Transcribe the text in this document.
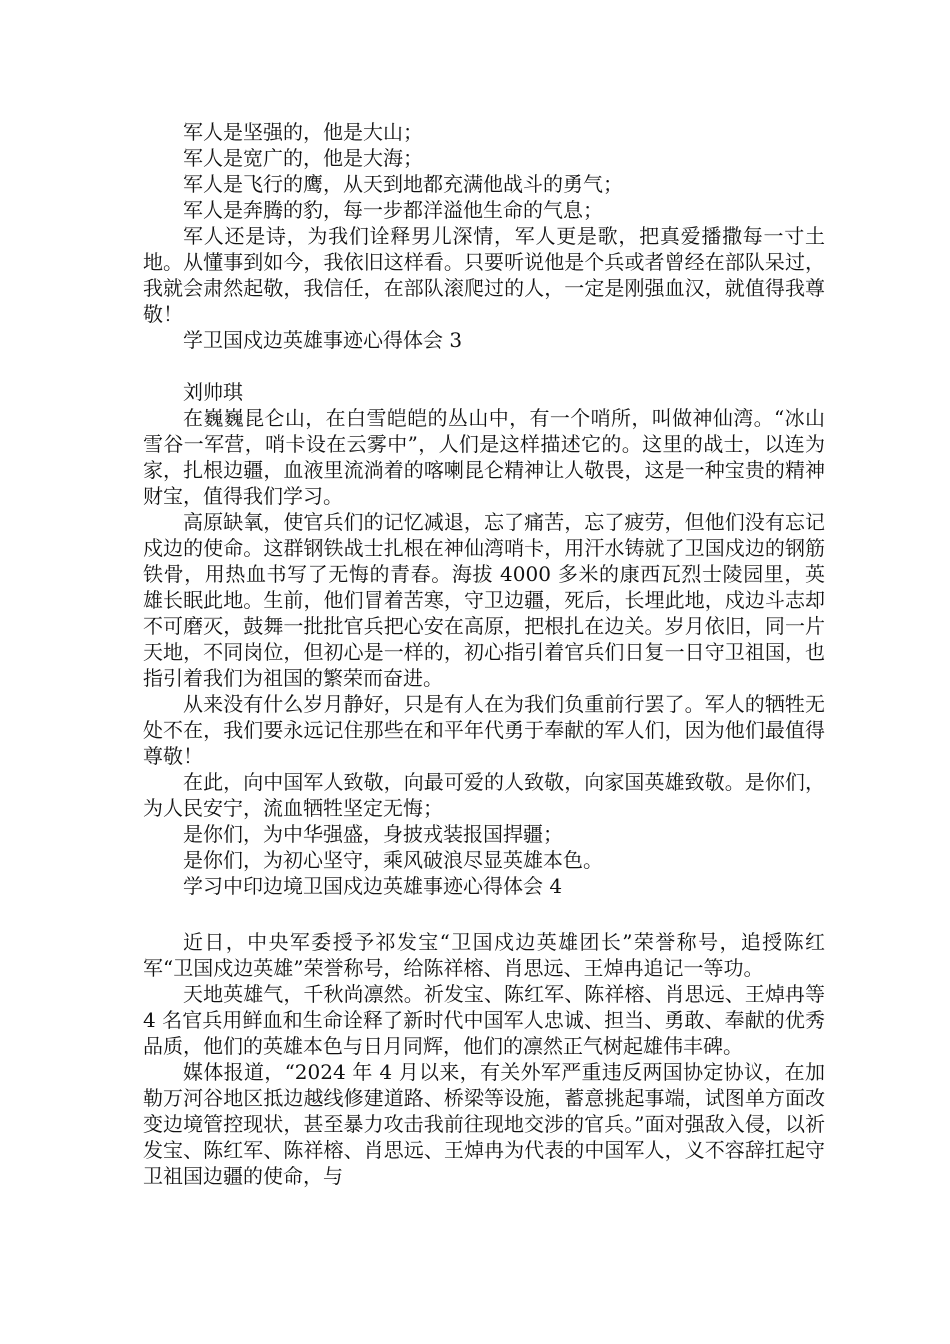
军人是坚强的，他是大山；

军人是宽广的，他是大海；

军人是飞行的鹰，从天到地都充满他战斗的勇气；

军人是奔腾的豹，每一步都洋溢他生命的气息；

军人还是诗，为我们诠释男儿深情，军人更是歌，把真爱播撒每一寸土地。从懂事到如今，我依旧这样看。只要听说他是个兵或者曾经在部队呆过，我就会肃然起敬，我信任，在部队滚爬过的人，一定是刚强血汉，就值得我尊敬！

学卫国戍边英雄事迹心得体会 3

刘帅琪

在巍巍昆仑山，在白雪皑皑的丛山中，有一个哨所，叫做神仙湾。“冰山雪谷一军营，哨卡设在云雾中”，人们是这样描述它的。这里的战士，以连为家，扎根边疆，血液里流淌着的喀喇昆仑精神让人敬畏，这是一种宝贵的精神财宝，值得我们学习。

高原缺氧，使官兵们的记忆减退，忘了痛苦，忘了疲劳，但他们没有忘记戍边的使命。这群钢铁战士扎根在神仙湾哨卡，用汗水铸就了卫国戍边的钢筋铁骨，用热血书写了无悔的青春。海拔 4000 多米的康西瓦烈士陵园里，英雄长眠此地。生前，他们冒着苦寒，守卫边疆，死后，长埋此地，戍边斗志却不可磨灭，鼓舞一批批官兵把心安在高原，把根扎在边关。岁月依旧，同一片天地，不同岗位，但初心是一样的，初心指引着官兵们日复一日守卫祖国，也指引着我们为祖国的繁荣而奋进。

从来没有什么岁月静好，只是有人在为我们负重前行罢了。军人的牺牲无处不在，我们要永远记住那些在和平年代勇于奉献的军人们，因为他们最值得尊敬！

在此，向中国军人致敬，向最可爱的人致敬，向家国英雄致敬。是你们，为人民安宁，流血牺牲坚定无悔；

是你们，为中华强盛，身披戎装报国捍疆；

是你们，为初心坚守，乘风破浪尽显英雄本色。

学习中印边境卫国戍边英雄事迹心得体会 4

近日，中央军委授予祁发宝“卫国戍边英雄团长”荣誉称号，追授陈红军“卫国戍边英雄”荣誉称号，给陈祥榕、肖思远、王焯冉追记一等功。

天地英雄气，千秋尚凛然。祈发宝、陈红军、陈祥榕、肖思远、王焯冉等 4 名官兵用鲜血和生命诠释了新时代中国军人忠诚、担当、勇敢、奉献的优秀品质，他们的英雄本色与日月同辉，他们的凛然正气树起雄伟丰碑。

媒体报道，“2024 年 4 月以来，有关外军严重违反两国协定协议，在加勒万河谷地区抵边越线修建道路、桥梁等设施，蓄意挑起事端，试图单方面改变边境管控现状，甚至暴力攻击我前往现地交涉的官兵。”面对强敌入侵，以祈发宝、陈红军、陈祥榕、肖思远、王焯冉为代表的中国军人，义不容辞扛起守卫祖国边疆的使命，与
